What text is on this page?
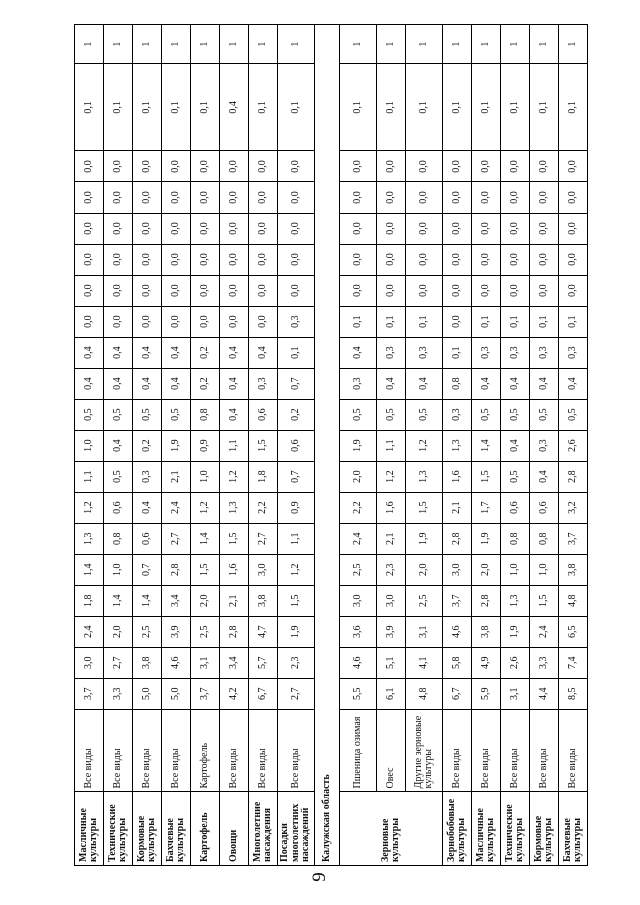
9
Масличные культуры	Все виды	3,7	3,0	2,4	1,8	1,4	1,3	1,2	1,1	1,0	0,5	0,4	0,4	0,0	0,0	0,0	0,0	0,0	0,0	0,1	1
Технические культуры	Все виды	3,3	2,7	2,0	1,4	1,0	0,8	0,6	0,5	0,4	0,5	0,4	0,4	0,0	0,0	0,0	0,0	0,0	0,0	0,1	1
Кормовые культуры	Все виды	5,0	3,8	2,5	1,4	0,7	0,6	0,4	0,3	0,2	0,5	0,4	0,4	0,0	0,0	0,0	0,0	0,0	0,0	0,1	1
Бахчевые культуры	Все виды	5,0	4,6	3,9	3,4	2,8	2,7	2,4	2,1	1,9	0,5	0,4	0,4	0,0	0,0	0,0	0,0	0,0	0,0	0,1	1
Картофель	Картофель	3,7	3,1	2,5	2,0	1,5	1,4	1,2	1,0	0,9	0,8	0,2	0,2	0,0	0,0	0,0	0,0	0,0	0,0	0,1	1
Овощи	Все виды	4,2	3,4	2,8	2,1	1,6	1,5	1,3	1,2	1,1	0,4	0,4	0,4	0,0	0,0	0,0	0,0	0,0	0,0	0,4	1
Многолетние насаждения	Все виды	6,7	5,7	4,7	3,8	3,0	2,7	2,2	1,8	1,5	0,6	0,3	0,4	0,0	0,0	0,0	0,0	0,0	0,0	0,1	1
Посадки многолетних насаждений	Все виды	2,7	2,3	1,9	1,5	1,2	1,1	0,9	0,7	0,6	0,2	0,7	0,1	0,3	0,0	0,0	0,0	0,0	0,0	0,1	1
Калужская область																					
Зерновые культуры	Пшеница озимая	5,5	4,6	3,6	3,0	2,5	2,4	2,2	2,0	1,9	0,5	0,3	0,4	0,1	0,0	0,0	0,0	0,0	0,0	0,1	1
	Овес	6,1	5,1	3,9	3,0	2,3	2,1	1,6	1,2	1,1	0,5	0,4	0,3	0,1	0,0	0,0	0,0	0,0	0,0	0,1	1
	Другие зерновые культуры	4,8	4,1	3,1	2,5	2,0	1,9	1,5	1,3	1,2	0,5	0,4	0,3	0,1	0,0	0,0	0,0	0,0	0,0	0,1	1
Зернобобовые культуры	Все виды	6,7	5,8	4,6	3,7	3,0	2,8	2,1	1,6	1,3	0,3	0,8	0,1	0,0	0,0	0,0	0,0	0,0	0,0	0,1	1
Масличные культуры	Все виды	5,9	4,9	3,8	2,8	2,0	1,9	1,7	1,5	1,4	0,5	0,4	0,3	0,1	0,0	0,0	0,0	0,0	0,0	0,1	1
Технические культуры	Все виды	3,1	2,6	1,9	1,3	1,0	0,8	0,6	0,5	0,4	0,5	0,4	0,3	0,1	0,0	0,0	0,0	0,0	0,0	0,1	1
Кормовые культуры	Все виды	4,4	3,3	2,4	1,5	1,0	0,8	0,6	0,4	0,3	0,5	0,4	0,3	0,1	0,0	0,0	0,0	0,0	0,0	0,1	1
Бахчевые культуры	Все виды	8,5	7,4	6,5	4,8	3,8	3,7	3,2	2,8	2,6	0,5	0,4	0,3	0,1	0,0	0,0	0,0	0,0	0,0	0,1	1
